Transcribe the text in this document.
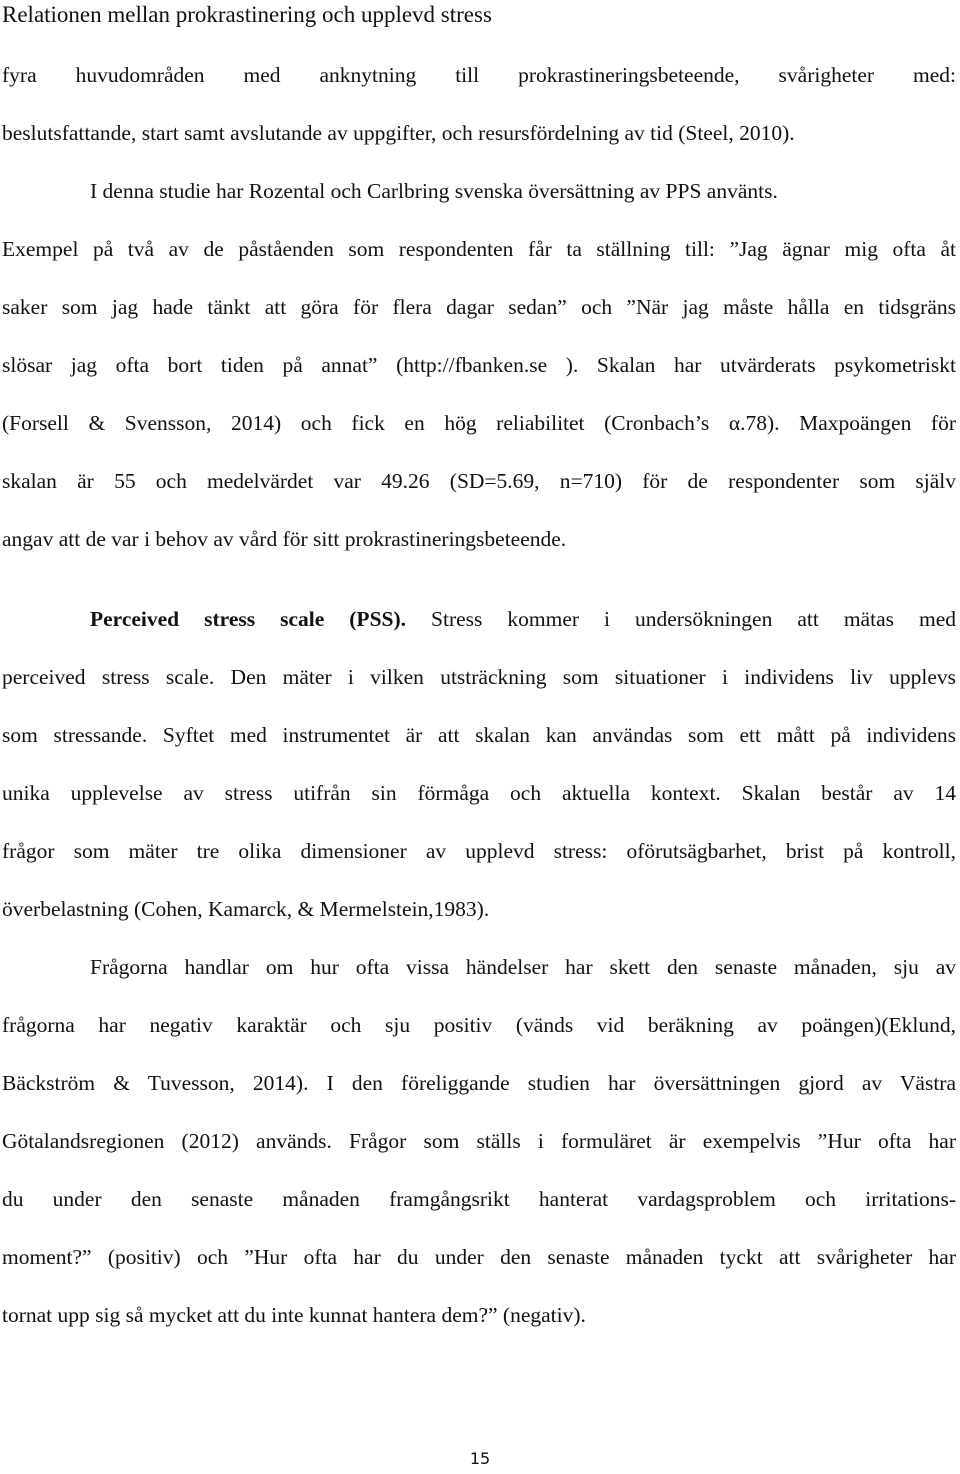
Relationen mellan prokrastinering och upplevd stress
fyra huvudområden med anknytning till prokrastineringsbeteende, svårigheter med:
beslutsfattande, start samt avslutande av uppgifter, och resursfördelning av tid (Steel, 2010).
I denna studie har Rozental och Carlbring svenska översättning av PPS använts.
Exempel på två av de påståenden som respondenten får ta ställning till: ”Jag ägnar mig ofta åt
saker som jag hade tänkt att göra för flera dagar sedan” och ”När jag måste hålla en tidsgräns
slösar jag ofta bort tiden på annat” (http://fbanken.se ). Skalan har utvärderats psykometriskt
(Forsell & Svensson, 2014) och fick en hög reliabilitet (Cronbach’s α.78). Maxpoängen för
skalan är 55 och medelvärdet var 49.26 (SD=5.69, n=710) för de respondenter som själv
angav att de var i behov av vård för sitt prokrastineringsbeteende.
Perceived stress scale (PSS). Stress kommer i undersökningen att mätas med
perceived stress scale. Den mäter i vilken utsträckning som situationer i individens liv upplevs
som stressande. Syftet med instrumentet är att skalan kan användas som ett mått på individens
unika upplevelse av stress utifrån sin förmåga och aktuella kontext. Skalan består av 14
frågor som mäter tre olika dimensioner av upplevd stress: oförutsägbarhet, brist på kontroll,
överbelastning (Cohen, Kamarck, & Mermelstein,1983).
Frågorna handlar om hur ofta vissa händelser har skett den senaste månaden, sju av
frågorna har negativ karaktär och sju positiv (vänds vid beräkning av poängen)(Eklund,
Bäckström & Tuvesson, 2014). I den föreliggande studien har översättningen gjord av Västra
Götalandsregionen (2012) används. Frågor som ställs i formuläret är exempelvis ”Hur ofta har
du under den senaste månaden framgångsrikt hanterat vardagsproblem och irritations-
moment?” (positiv) och ”Hur ofta har du under den senaste månaden tyckt att svårigheter har
tornat upp sig så mycket att du inte kunnat hantera dem?” (negativ).
15
